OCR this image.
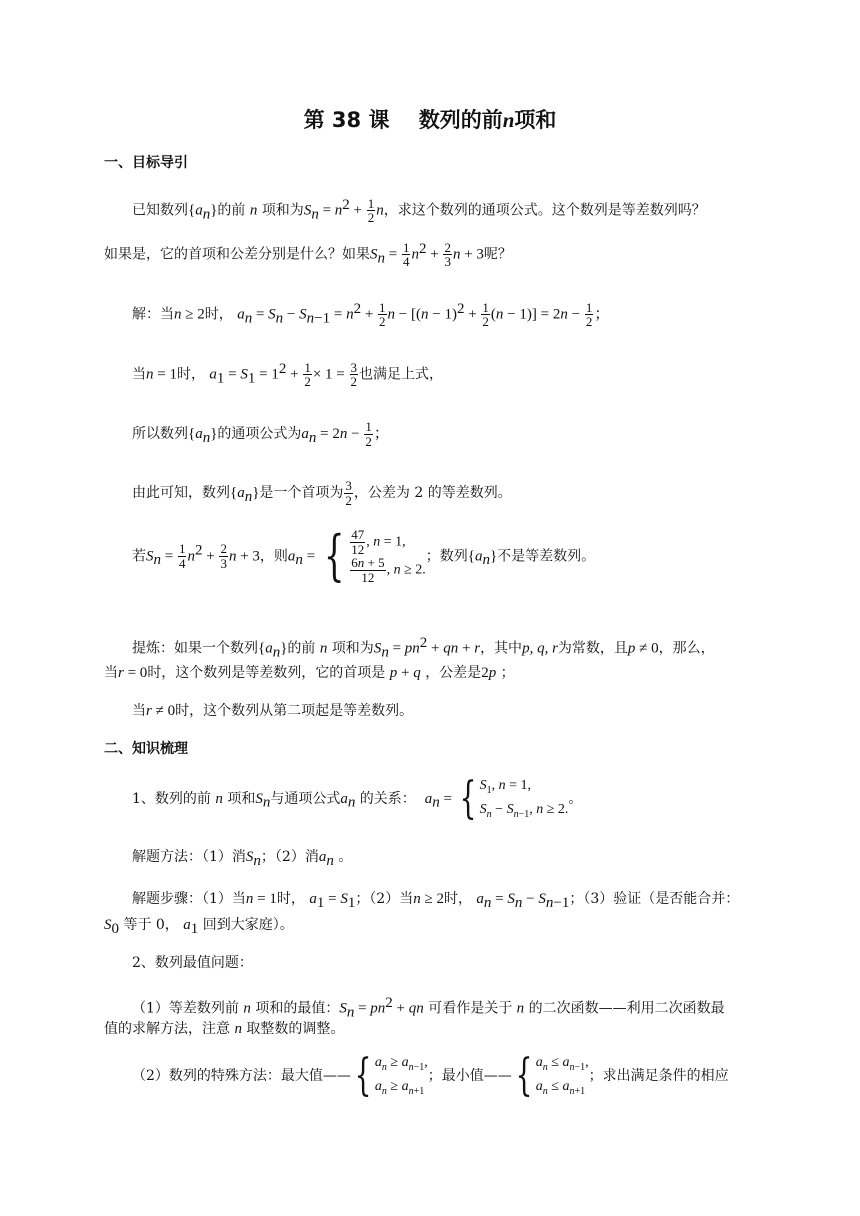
第 38 课 数列的前n项和
一、目标导引
已知数列$\{a_n\}$的前 n 项和为$S_n = n^2 + \frac{1}{2}$ n，求这个数列的通项公式。这个数列是等差数列吗？
如果是，它的首项和公差分别是什么？如果$S_n = \frac{1}{4} n^2 + \frac{2}{3}$ n + 3呢？
解：当n ≥ 2时， $a_n = S_n - S_{n-1} = n^2 + \frac{1}{2}$ $n - [(n - 1)^2 + \frac{1}{2} (n - 1)] = 2n - \frac{1}{2}$ ；
当n = 1时， $a_1 = S_1 = 1^2 + \frac{1}{2} \times 1 = \frac{3}{2}$ 也满足上式，
所以数列$\{a_n\}$的通项公式为$a_n = 2n - \frac{1}{2}$ ；
由此可知，数列$\{a_n\}$是一个首项为 $\frac{3}{2}$ ，公差为 2 的等差数列。
若$S_n = \frac{1}{4} n^2 + \frac{2}{3}$ n + 3，则$a_n$ = { $\frac{47}{12}$ , n = 1,
$\frac{6n + 5}{12}$ , n ≥ 2.
；数列$\{a_n\}$不是等差数列。
提炼：如果一个数列$\{a_n\}$的前 n 项和为$S_n = pn^2$ + qn + r，其中p, q, r为常数，且p ≠ 0，那么，
当r = 0时，这个数列是等差数列，它的首项是 p + q ，公差是2p ；
当r ≠ 0时，这个数列从第二项起是等差数列。
二、知识梳理
1、数列的前 n 项和$S_n$与通项公式$a_n$ 的关系： $a_n$ = { $S_1$, n = 1,
$S_n - S_{n-1}$, n ≥ 2.
。
解题方法：（1）消$S_n$；（2）消$a_n$ 。
解题步骤：（1）当n = 1时， $a_1 = S_1$；（2）当n ≥ 2时， $a_n = S_n - S_{n-1}$；（3）验证（是否能合并：
$S_0$ 等于 0， $a_1$ 回到大家庭）。
2、数列最值问题：
（1）等差数列前 n 项和的最值：$S_n = pn^2$ + qn 可看作是关于 n 的二次函数——利用二次函数最
值的求解方法，注意 n 取整数的调整。
（2）数列的特殊方法：最大值——{ $a_n \ge a_{n-1}$,
$a_n \ge a_{n+1}$
；最小值——{ $a_n \le a_{n-1}$,
$a_n \le a_{n+1}$
；求出满足条件的相应
